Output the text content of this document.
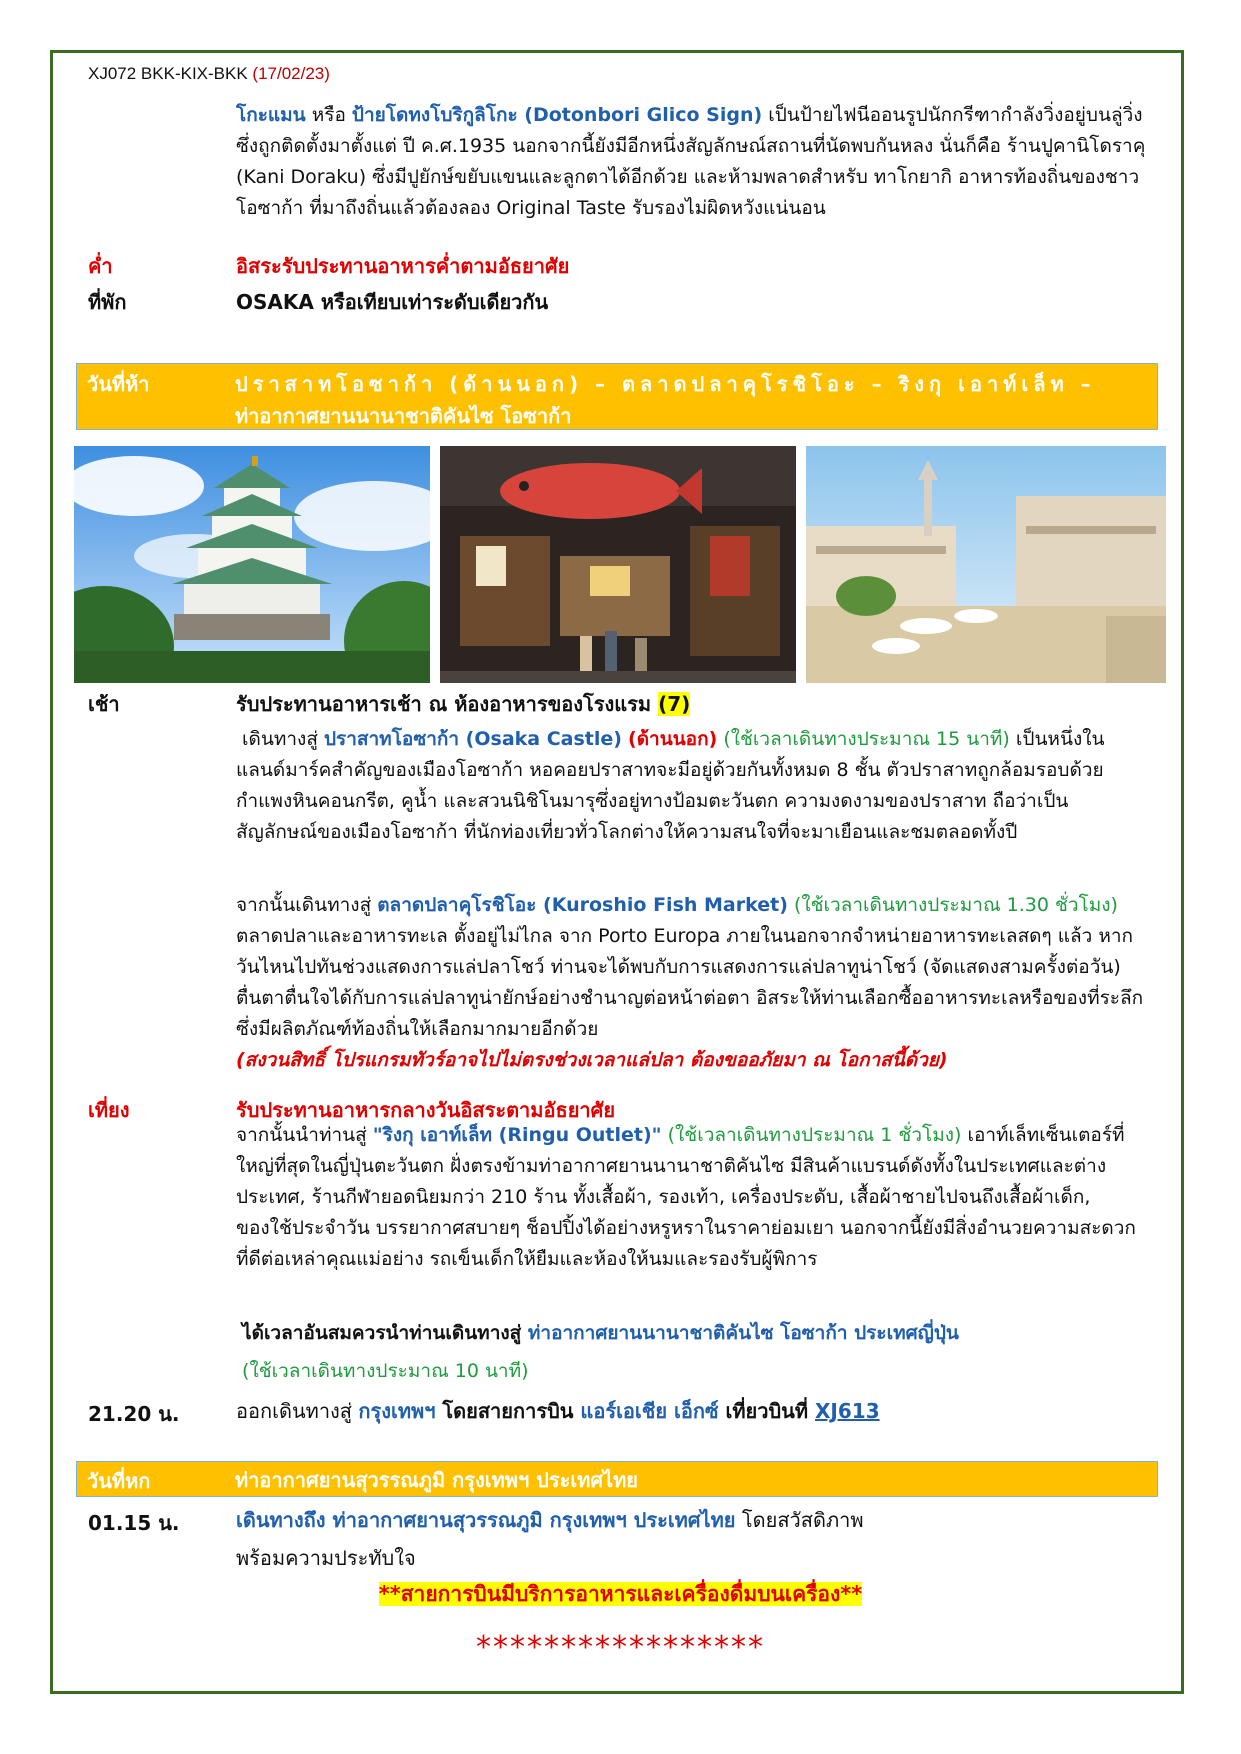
XJ072 BKK-KIX-BKK (17/02/23)
โกะแมน หรือ ป้ายโดทงโบริกูลิโกะ (Dotonbori Glico Sign) เป็นป้ายไฟนีออนรูปนักกรีฑากำลังวิ่งอยู่บนลู่วิ่ง ซึ่งถูกติดตั้งมาตั้งแต่ ปี ค.ศ.1935 นอกจากนี้ยังมีอีกหนึ่งสัญลักษณ์สถานที่นัดพบกันหลง นั่นก็คือ ร้านปูคานิโดราคุ (Kani Doraku) ซึ่งมีปูยักษ์ขยับแขนและลูกตาได้อีกด้วย และห้ามพลาดสำหรับ ทาโกยากิ อาหารท้องถิ่นของชาวโอซาก้า ที่มาถึงถิ่นแล้วต้องลอง Original Taste รับรองไม่ผิดหวังแน่นอน
ค่ำ	อิสระรับประทานอาหารค่ำตามอัธยาศัย
ที่พัก	OSAKA หรือเทียบเท่าระดับเดียวกัน
วันที่ห้า	ปราสาทโอซาก้า (ด้านนอก) – ตลาดปลาคุโรชิโอะ – ริงกุ เอาท์เล็ท –
ท่าอากาศยานนานาชาติคันไซ โอซาก้า
เช้า	รับประทานอาหารเช้า ณ ห้องอาหารของโรงแรม (7)
เดินทางสู่ ปราสาทโอซาก้า (Osaka Castle) (ด้านนอก) (ใช้เวลาเดินทางประมาณ 15 นาที) เป็นหนึ่งในแลนด์มาร์คสำคัญของเมืองโอซาก้า หอคอยปราสาทจะมีอยู่ด้วยกันทั้งหมด 8 ชั้น ตัวปราสาทถูกล้อมรอบด้วยกำแพงหินคอนกรีต, คูน้ำ และสวนนิชิโนมารุซึ่งอยู่ทางป้อมตะวันตก ความงดงามของปราสาท ถือว่าเป็นสัญลักษณ์ของเมืองโอซาก้า ที่นักท่องเที่ยวทั่วโลกต่างให้ความสนใจที่จะมาเยือนและชมตลอดทั้งปี
จากนั้นเดินทางสู่ ตลาดปลาคุโรชิโอะ (Kuroshio Fish Market) (ใช้เวลาเดินทางประมาณ 1.30 ชั่วโมง) ตลาดปลาและอาหารทะเล ตั้งอยู่ไม่ไกล จาก Porto Europa ภายในนอกจากจำหน่ายอาหารทะเลสดๆ แล้ว หากวันไหนไปทันช่วงแสดงการแล่ปลาโชว์ ท่านจะได้พบกับการแสดงการแล่ปลาทูน่าโชว์ (จัดแสดงสามครั้งต่อวัน) ตื่นตาตื่นใจได้กับการแล่ปลาทูน่ายักษ์อย่างชำนาญต่อหน้าต่อตา อิสระให้ท่านเลือกซื้ออาหารทะเลหรือของที่ระลึกซึ่งมีผลิตภัณฑ์ท้องถิ่นให้เลือกมากมายอีกด้วย
(สงวนสิทธิ์ โปรแกรมทัวร์อาจไปไม่ตรงช่วงเวลาแล่ปลา ต้องขออภัยมา ณ โอกาสนี้ด้วย)
เที่ยง	รับประทานอาหารกลางวันอิสระตามอัธยาศัย
จากนั้นนำท่านสู่ "ริงกุ เอาท์เล็ท (Ringu Outlet)" (ใช้เวลาเดินทางประมาณ 1 ชั่วโมง) เอาท์เล็ทเซ็นเตอร์ที่ใหญ่ที่สุดในญี่ปุ่นตะวันตก ฝั่งตรงข้ามท่าอากาศยานนานาชาติคันไซ มีสินค้าแบรนด์ดังทั้งในประเทศและต่างประเทศ, ร้านกีฬายอดนิยมกว่า 210 ร้าน ทั้งเสื้อผ้า, รองเท้า, เครื่องประดับ, เสื้อผ้าชายไปจนถึงเสื้อผ้าเด็ก, ของใช้ประจำวัน บรรยากาศสบายๆ ช็อปปิ้งได้อย่างหรูหราในราคาย่อมเยา นอกจากนี้ยังมีสิ่งอำนวยความสะดวกที่ดีต่อเหล่าคุณแม่อย่าง รถเข็นเด็กให้ยืมและห้องให้นมและรองรับผู้พิการ
ได้เวลาอันสมควรนำท่านเดินทางสู่ ท่าอากาศยานนานาชาติคันไซ โอซาก้า ประเทศญี่ปุ่น
(ใช้เวลาเดินทางประมาณ 10 นาที)
21.20 น.	ออกเดินทางสู่ กรุงเทพฯ โดยสายการบิน แอร์เอเชีย เอ็กซ์ เที่ยวบินที่ XJ613
วันที่หก	ท่าอากาศยานสุวรรณภูมิ กรุงเทพฯ ประเทศไทย
01.15 น.	เดินทางถึง ท่าอากาศยานสุวรรณภูมิ กรุงเทพฯ ประเทศไทย โดยสวัสดิภาพ
พร้อมความประทับใจ
**สายการบินมีบริการอาหารและเครื่องดื่มบนเครื่อง**
*****************
